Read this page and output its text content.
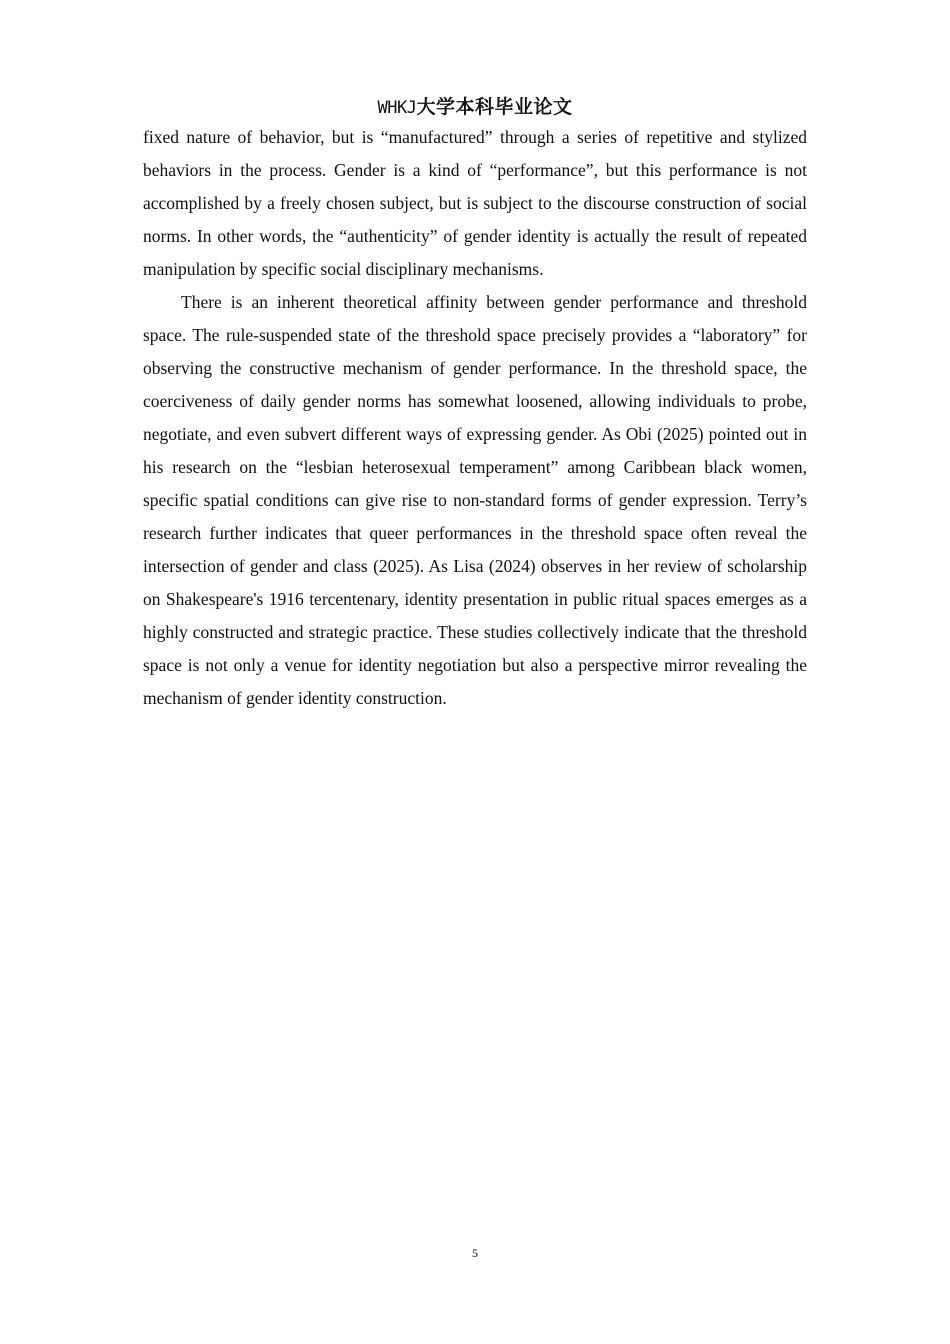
WHKJ大学本科毕业论文

fixed nature of behavior, but is “manufactured” through a series of repetitive and stylized behaviors in the process. Gender is a kind of “performance”, but this performance is not accomplished by a freely chosen subject, but is subject to the discourse construction of social norms. In other words, the “authenticity” of gender identity is actually the result of repeated manipulation by specific social disciplinary mechanisms.

There is an inherent theoretical affinity between gender performance and threshold space. The rule-suspended state of the threshold space precisely provides a “laboratory” for observing the constructive mechanism of gender performance. In the threshold space, the coerciveness of daily gender norms has somewhat loosened, allowing individuals to probe, negotiate, and even subvert different ways of expressing gender. As Obi (2025) pointed out in his research on the “lesbian heterosexual temperament” among Caribbean black women, specific spatial conditions can give rise to non-standard forms of gender expression. Terry’s research further indicates that queer performances in the threshold space often reveal the intersection of gender and class (2025). As Lisa (2024) observes in her review of scholarship on Shakespeare's 1916 tercentenary, identity presentation in public ritual spaces emerges as a highly constructed and strategic practice. These studies collectively indicate that the threshold space is not only a venue for identity negotiation but also a perspective mirror revealing the mechanism of gender identity construction.

5
